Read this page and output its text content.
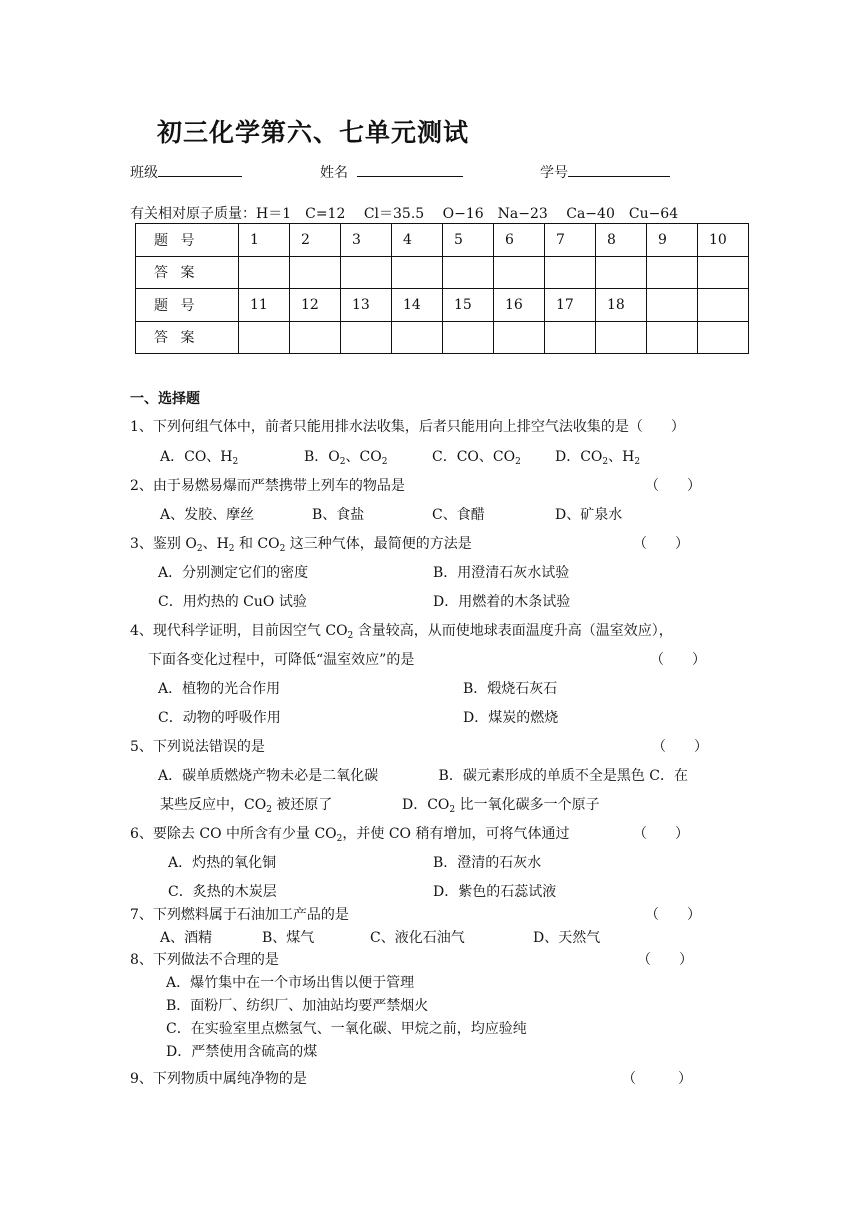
初三化学第六、七单元测试
班级	姓名	学号
有关相对原子质量：H＝1　C=12　 Cl＝35.5　 O−16　Na−23　 Ca−40　Cu−64
题 号	1	2	3	4	5	6	7	8	9	10
答 案										
题 号	11	12	13	14	15	16	17	18		
答 案										
一、选择题
1、下列何组气体中，前者只能用排水法收集，后者只能用向上排空气法收集的是（　　）
A．CO、$H_2$	B．$O_2$、$CO_2$	C．CO、$CO_2$ D．$CO_2$、$H_2$
2、由于易燃易爆而严禁携带上列车的物品是	（　　）
A、发胶、摩丝	B、食盐	C、食醋	D、矿泉水
3、鉴别 $O_2$、$H_2$ 和 $CO_2$ 这三种气体，最简便的方法是	（　　）
A．分别测定它们的密度	B．用澄清石灰水试验
C．用灼热的 CuO 试验	D．用燃着的木条试验
4、现代科学证明，目前因空气 $CO_2$ 含量较高，从而使地球表面温度升高（温室效应），
下面各变化过程中，可降低“温室效应”的是	（　　）
A．植物的光合作用	B．煅烧石灰石
C．动物的呼吸作用	D．煤炭的燃烧
5、下列说法错误的是	（　　）
A．碳单质燃烧产物未必是二氧化碳　　　　 B．碳元素形成的单质不全是黑色 C．在
某些反应中，$CO_2$ 被还原了	D．$CO_2$ 比一氧化碳多一个原子
6、要除去 CO 中所含有少量 $CO_2$，并使 CO 稍有增加，可将气体通过	（　　）
A．灼热的氧化铜	B．澄清的石灰水
C．炙热的木炭层	D．紫色的石蕊试液
7、下列燃料属于石油加工产品的是	（　　）
A、酒精	B、煤气	C、液化石油气	D、天然气
8、下列做法不合理的是	（　　）
A．爆竹集中在一个市场出售以便于管理
B．面粉厂、纺织厂、加油站均要严禁烟火
C．在实验室里点燃氢气、一氧化碳、甲烷之前，均应验纯
D．严禁使用含硫高的煤
9、下列物质中属纯净物的是	（　　　）
